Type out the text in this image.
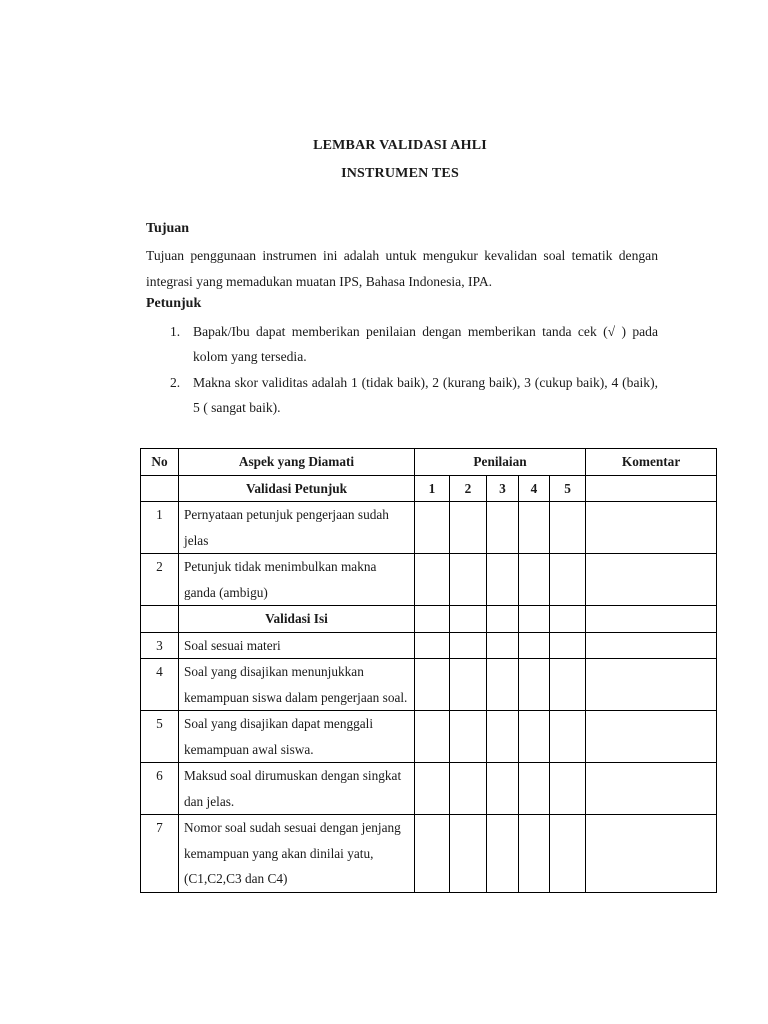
LEMBAR VALIDASI AHLI
INSTRUMEN TES
Tujuan
Tujuan penggunaan instrumen ini adalah untuk mengukur kevalidan soal tematik dengan integrasi yang memadukan muatan IPS, Bahasa Indonesia, IPA.
Petunjuk
1. Bapak/Ibu dapat memberikan penilaian dengan memberikan tanda cek (√ ) pada kolom yang tersedia.
2. Makna skor validitas adalah 1 (tidak baik), 2 (kurang baik), 3 (cukup baik), 4 (baik), 5 ( sangat baik).
No	Aspek yang Diamati	Penilaian					Komentar
	Validasi Petunjuk	1	2	3	4	5	
1	Pernyataan petunjuk pengerjaan sudah jelas						
2	Petunjuk tidak menimbulkan makna ganda (ambigu)						
	Validasi Isi						
3	Soal sesuai materi						
4	Soal yang disajikan menunjukkan kemampuan siswa dalam pengerjaan soal.						
5	Soal yang disajikan dapat menggali kemampuan awal siswa.						
6	Maksud soal dirumuskan dengan singkat dan jelas.						
7	Nomor soal sudah sesuai dengan jenjang kemampuan yang akan dinilai yatu, (C1,C2,C3 dan C4)						
